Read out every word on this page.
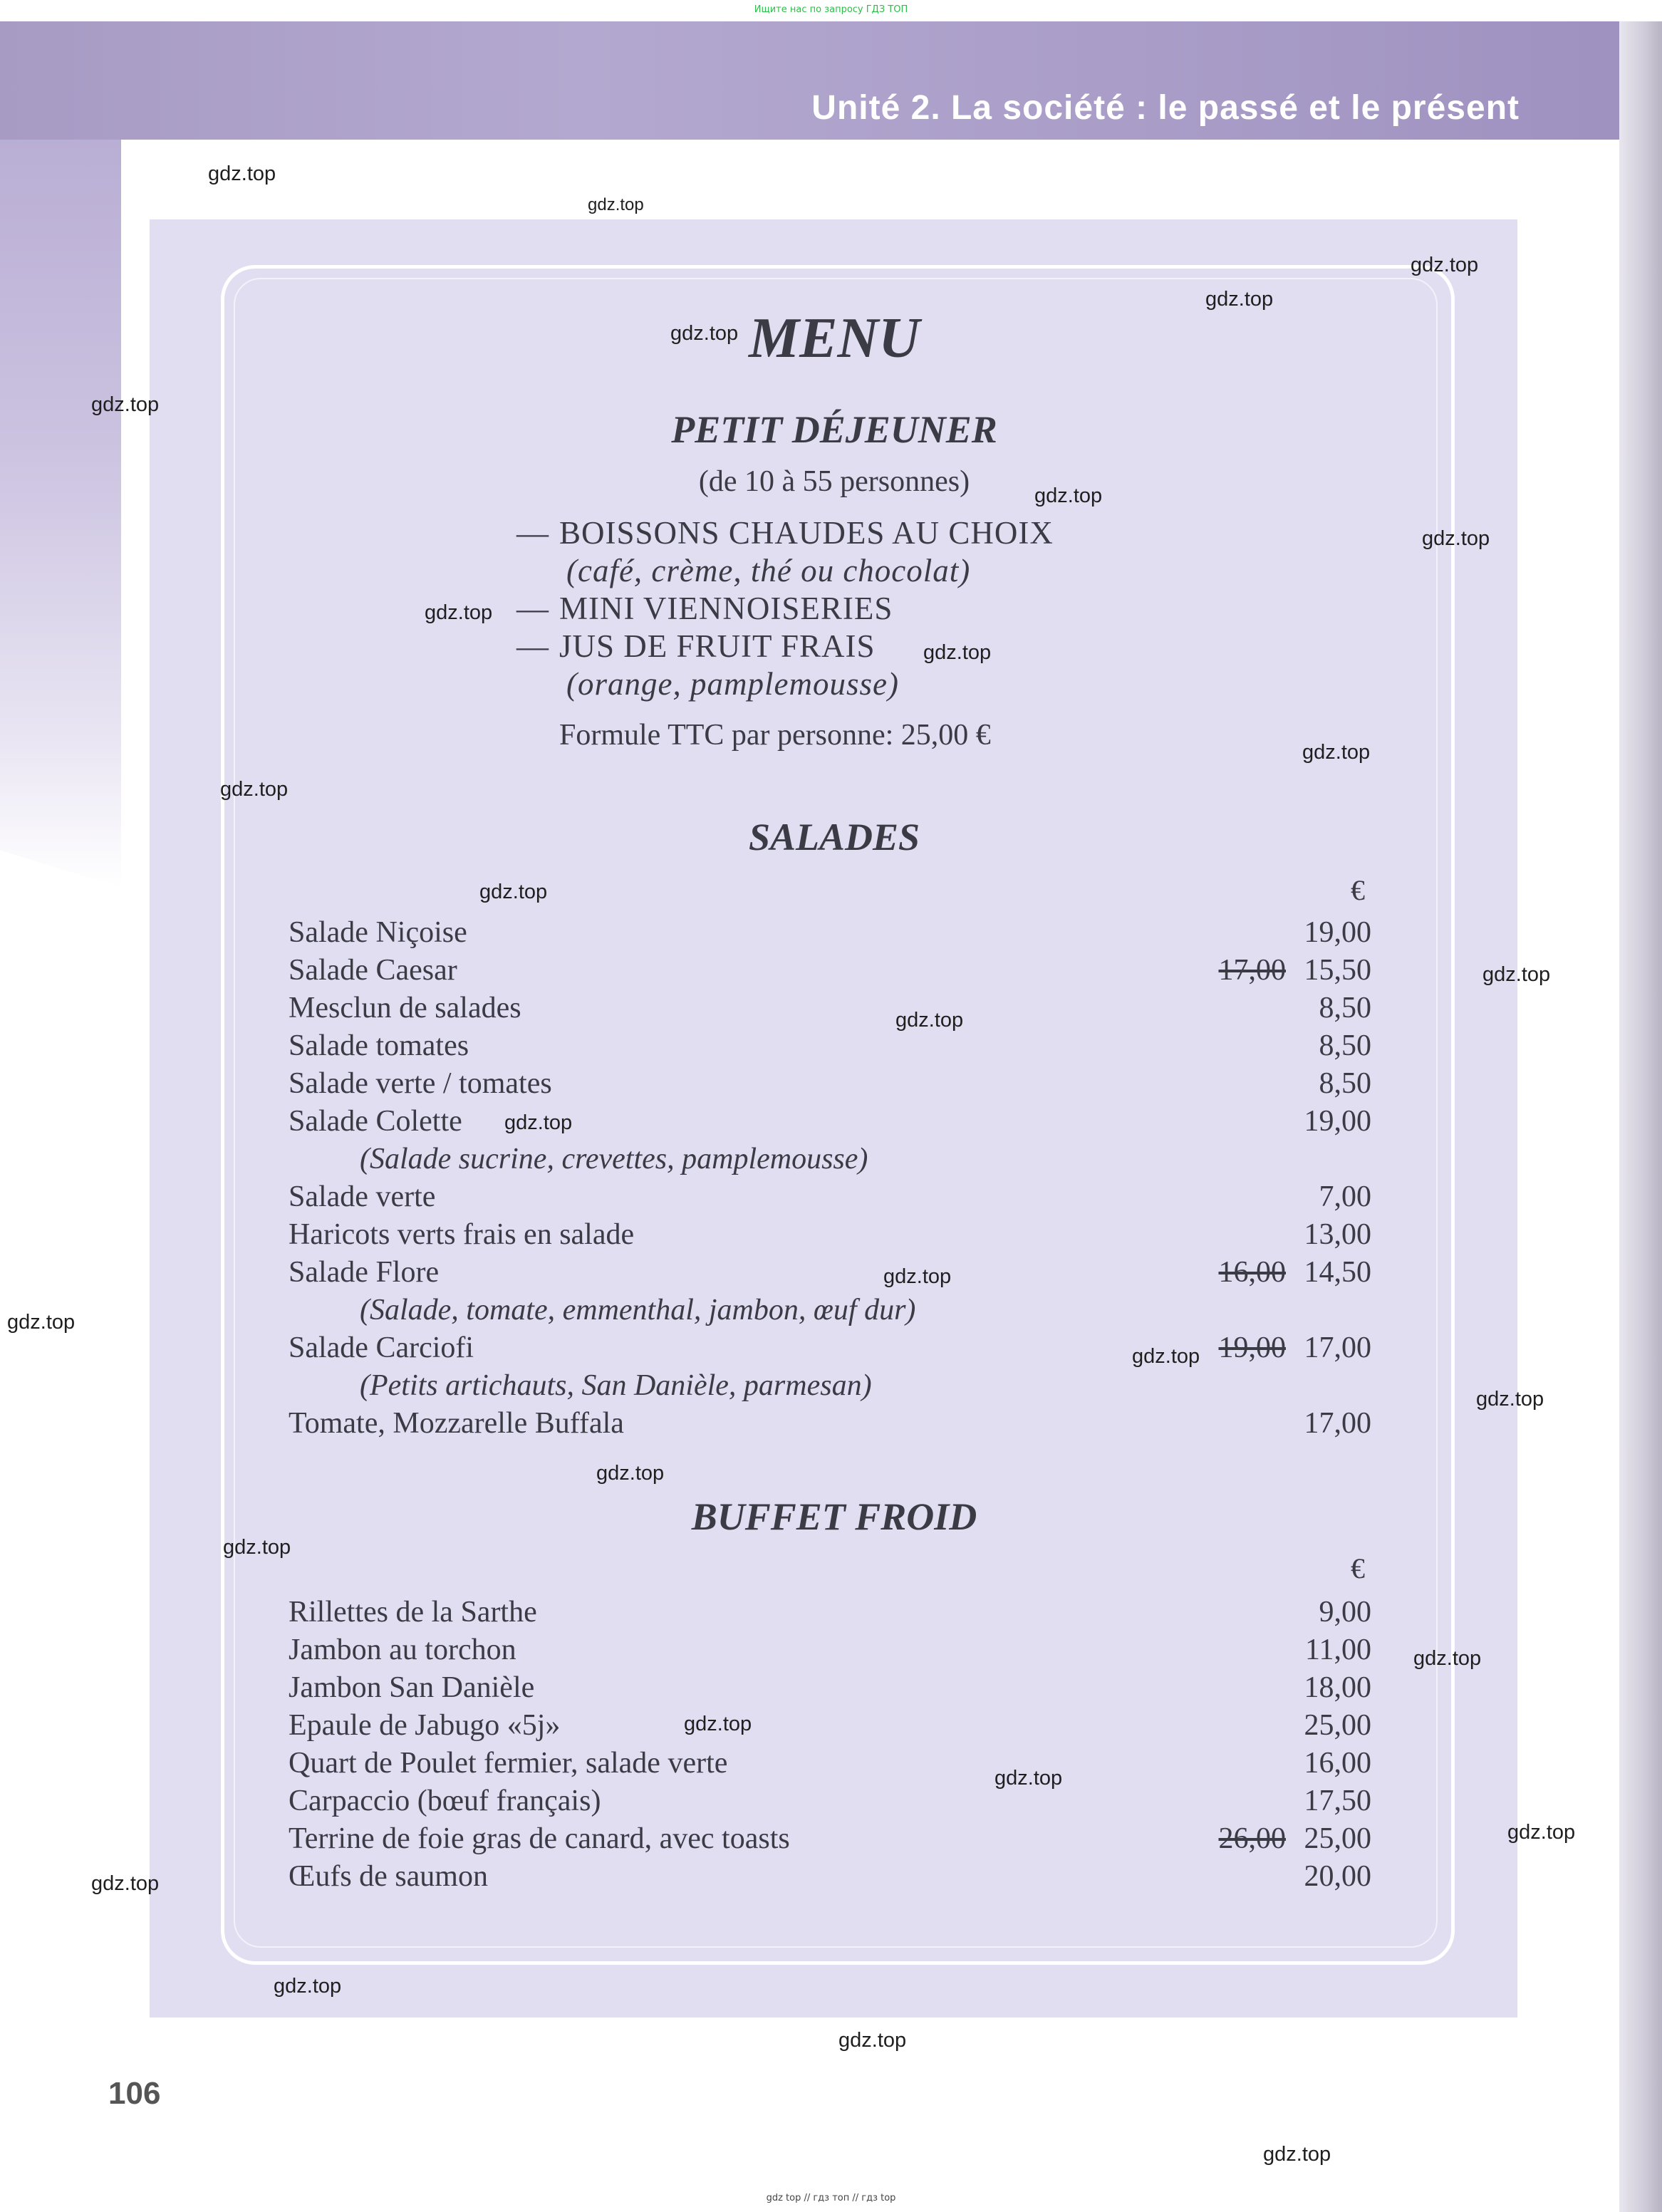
Ищите нас по запросу ГДЗ ТОП
Unité 2. La société : le passé et le présent
MENU
PETIT DÉJEUNER
(de 10 à 55 personnes)
— BOISSONS CHAUDES AU CHOIX
(café, crème, thé ou chocolat)
— MINI VIENNOISERIES
— JUS DE FRUIT FRAIS
(orange, pamplemousse)
Formule TTC par personne: 25,00 €
SALADES
€
Salade Niçoise	19,00
Salade Caesar	17,00 15,50
Mesclun de salades	8,50
Salade tomates	8,50
Salade verte / tomates	8,50
Salade Colette	19,00
(Salade sucrine, crevettes, pamplemousse)
Salade verte	7,00
Haricots verts frais en salade	13,00
Salade Flore	16,00 14,50
(Salade, tomate, emmenthal, jambon, œuf dur)
Salade Carciofi	19,00 17,00
(Petits artichauts, San Danièle, parmesan)
Tomate, Mozzarelle Buffala	17,00
BUFFET FROID
€
Rillettes de la Sarthe	9,00
Jambon au torchon	11,00
Jambon San Danièle	18,00
Epaule de Jabugo «5j»	25,00
Quart de Poulet fermier, salade verte	16,00
Carpaccio (bœuf français)	17,50
Terrine de foie gras de canard, avec toasts	26,00 25,00
Œufs de saumon	20,00
106
gdz top // гдз топ // гдз top
gdz.top
gdz.top
gdz.top
gdz.top
gdz.top
gdz.top
gdz.top
gdz.top
gdz.top
gdz.top
gdz.top
gdz.top
gdz.top
gdz.top
gdz.top
gdz.top
gdz.top
gdz.top
gdz.top
gdz.top
gdz.top
gdz.top
gdz.top
gdz.top
gdz.top
gdz.top
gdz.top
gdz.top
gdz.top
gdz.top
